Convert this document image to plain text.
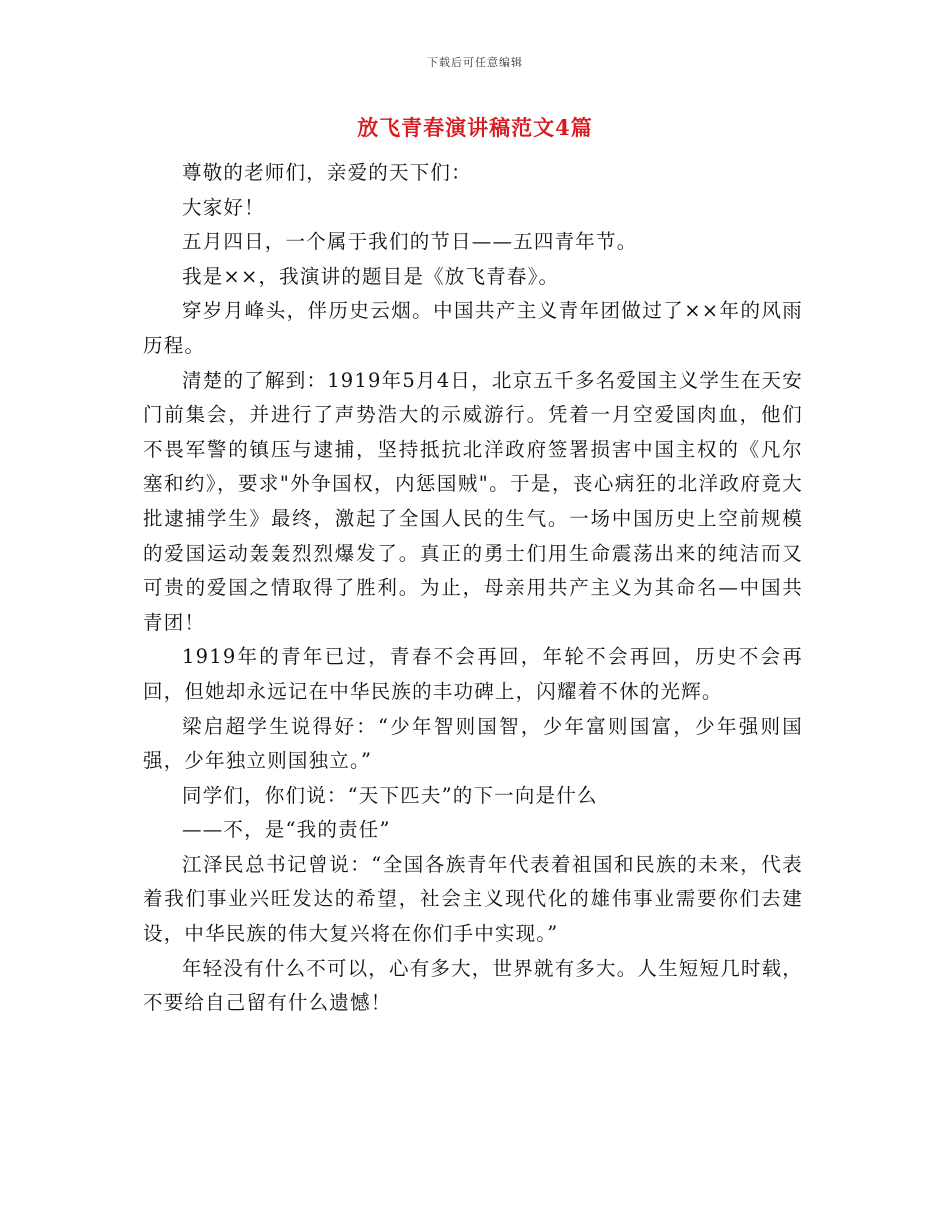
下载后可任意编辑
放飞青春演讲稿范文4篇

尊敬的老师们，亲爱的天下们：

大家好！

五月四日，一个属于我们的节日——五四青年节。

我是××，我演讲的题目是《放飞青春》。

穿岁月峰头，伴历史云烟。中国共产主义青年团做过了××年的风雨历程。

清楚的了解到：1919年5月4日，北京五千多名爱国主义学生在天安门前集会，并进行了声势浩大的示威游行。凭着一月空爱国肉血，他们不畏军警的镇压与逮捕，坚持抵抗北洋政府签署损害中国主权的《凡尔塞和约》，要求"外争国权，内惩国贼"。于是，丧心病狂的北洋政府竟大批逮捕学生》最终，激起了全国人民的生气。一场中国历史上空前规模的爱国运动轰轰烈烈爆发了。真正的勇士们用生命震荡出来的纯洁而又可贵的爱国之情取得了胜利。为止，母亲用共产主义为其命名—中国共青团！

1919年的青年已过，青春不会再回，年轮不会再回，历史不会再回，但她却永远记在中华民族的丰功碑上，闪耀着不休的光辉。

梁启超学生说得好：“少年智则国智，少年富则国富，少年强则国强，少年独立则国独立。”

同学们，你们说：“天下匹夫”的下一向是什么

——不，是“我的责任”

江泽民总书记曾说：“全国各族青年代表着祖国和民族的未来，代表着我们事业兴旺发达的希望，社会主义现代化的雄伟事业需要你们去建设，中华民族的伟大复兴将在你们手中实现。”

年轻没有什么不可以，心有多大，世界就有多大。人生短短几时载，不要给自己留有什么遗憾！
